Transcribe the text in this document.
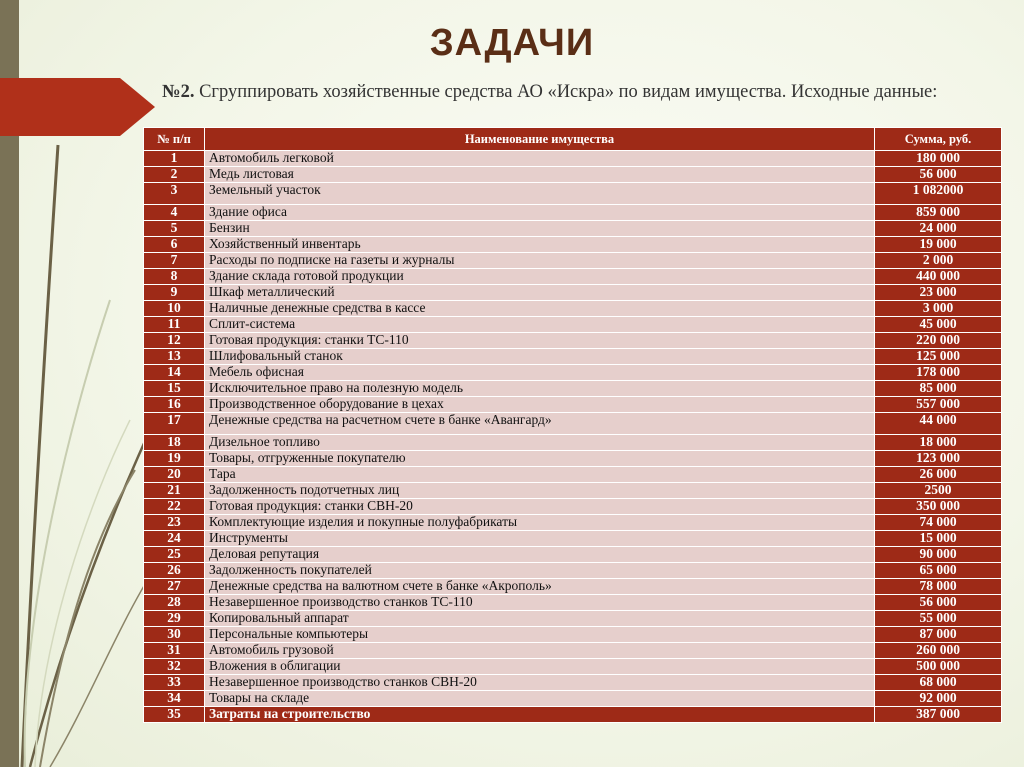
ЗАДАЧИ
№2. Сгруппировать хозяйственные средства АО «Искра» по видам имущества. Исходные данные:
№ п/п	Наименование имущества	Сумма, руб.
1	Автомобиль легковой	180 000
2	Медь листовая	56 000
3	Земельный участок	1 082000
4	Здание офиса	859 000
5	Бензин	24 000
6	Хозяйственный инвентарь	19 000
7	Расходы по подписке на газеты и журналы	2 000
8	Здание склада готовой продукции	440 000
9	Шкаф металлический	23 000
10	Наличные денежные средства в кассе	3 000
11	Сплит-система	45 000
12	Готовая продукция: станки ТС-110	220 000
13	Шлифовальный станок	125 000
14	Мебель офисная	178 000
15	Исключительное право на полезную модель	85 000
16	Производственное оборудование в цехах	557 000
17	Денежные средства на расчетном счете в банке «Авангард»	44 000
18	Дизельное топливо	18 000
19	Товары, отгруженные покупателю	123 000
20	Тара	26 000
21	Задолженность подотчетных лиц	2500
22	Готовая продукция: станки СВН-20	350 000
23	Комплектующие изделия и покупные полуфабрикаты	74 000
24	Инструменты	15 000
25	Деловая репутация	90 000
26	Задолженность покупателей	65 000
27	Денежные средства на валютном счете в банке «Акрополь»	78 000
28	Незавершенное производство станков ТС-110	56 000
29	Копировальный аппарат	55 000
30	Персональные компьютеры	87 000
31	Автомобиль грузовой	260 000
32	Вложения в облигации	500 000
33	Незавершенное производство станков СВН-20	68 000
34	Товары на складе	92 000
35	Затраты на строительство	387 000
